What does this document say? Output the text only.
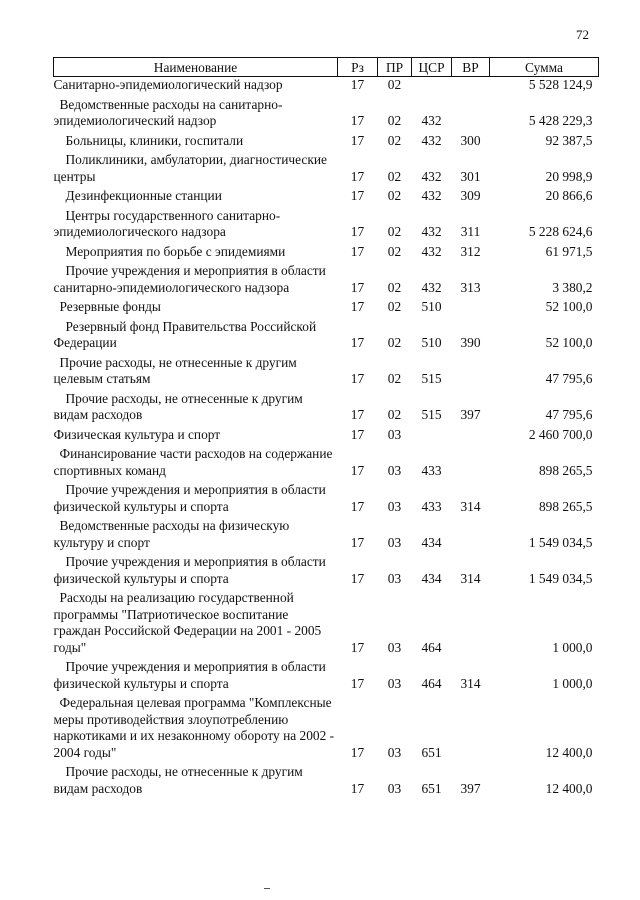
72
Наименование	Рз	ПР	ЦСР	ВР	Сумма

Санитарно-эпидемиологический надзор	17	02			5 528 124,9

Ведомственные расходы на санитарно-эпидемиологический надзор	17	02	432		5 428 229,3

Больницы, клиники, госпитали	17	02	432	300	92 387,5

Поликлиники, амбулатории, диагностические центры	17	02	432	301	20 998,9

Дезинфекционные станции	17	02	432	309	20 866,6

Центры государственного санитарно-эпидемиологического надзора	17	02	432	311	5 228 624,6

Мероприятия по борьбе с эпидемиями	17	02	432	312	61 971,5

Прочие учреждения и мероприятия в области санитарно-эпидемиологического надзора	17	02	432	313	3 380,2

Резервные фонды	17	02	510		52 100,0

Резервный фонд Правительства Российской Федерации	17	02	510	390	52 100,0

Прочие расходы, не отнесенные к другим целевым статьям	17	02	515		47 795,6

Прочие расходы, не отнесенные к другим видам расходов	17	02	515	397	47 795,6

Физическая культура и спорт	17	03			2 460 700,0

Финансирование части расходов на содержание спортивных команд	17	03	433		898 265,5

Прочие учреждения и мероприятия в области физической культуры и спорта	17	03	433	314	898 265,5

Ведомственные расходы на физическую культуру и спорт	17	03	434		1 549 034,5

Прочие учреждения и мероприятия в области физической культуры и спорта	17	03	434	314	1 549 034,5

Расходы на реализацию государственной программы "Патриотическое воспитание граждан Российской Федерации на 2001 - 2005 годы"	17	03	464		1 000,0

Прочие учреждения и мероприятия в области физической культуры и спорта	17	03	464	314	1 000,0

Федеральная целевая программа "Комплексные меры противодействия злоупотреблению наркотиками и их незаконному обороту на 2002 - 2004 годы"	17	03	651		12 400,0

Прочие расходы, не отнесенные к другим видам расходов	17	03	651	397	12 400,0
